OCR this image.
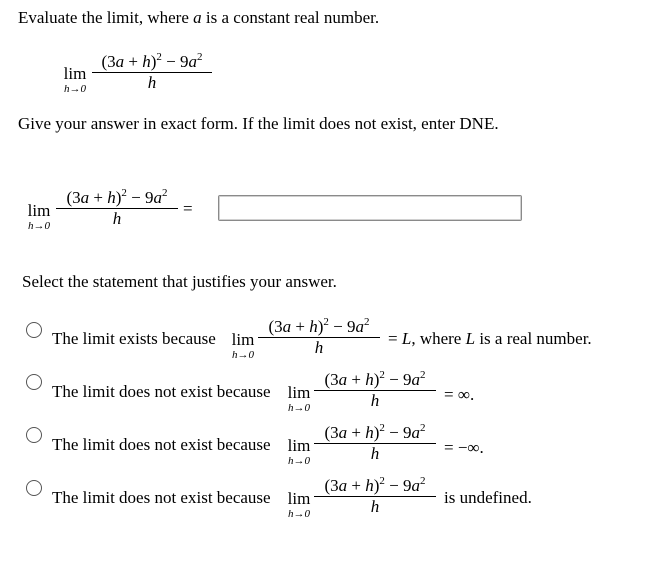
Evaluate the limit, where a is a constant real number.
lim
h→0
$(3a + h)^2 - 9a^2$
h
Give your answer in exact form. If the limit does not exist, enter DNE.
lim
h→0
$(3a + h)^2 - 9a^2$
h
=
Select the statement that justifies your answer.
The limit exists because lim
h→0
$(3a + h)^2 - 9a^2$
h	= L, where L is a real number.
The limit does not exist because lim
h→0
$(3a + h)^2 - 9a^2$
h	= ∞.
The limit does not exist because lim
h→0
$(3a + h)^2 - 9a^2$
h	= −∞.
The limit does not exist because lim
h→0
$(3a + h)^2 - 9a^2$
h	is undefined.
